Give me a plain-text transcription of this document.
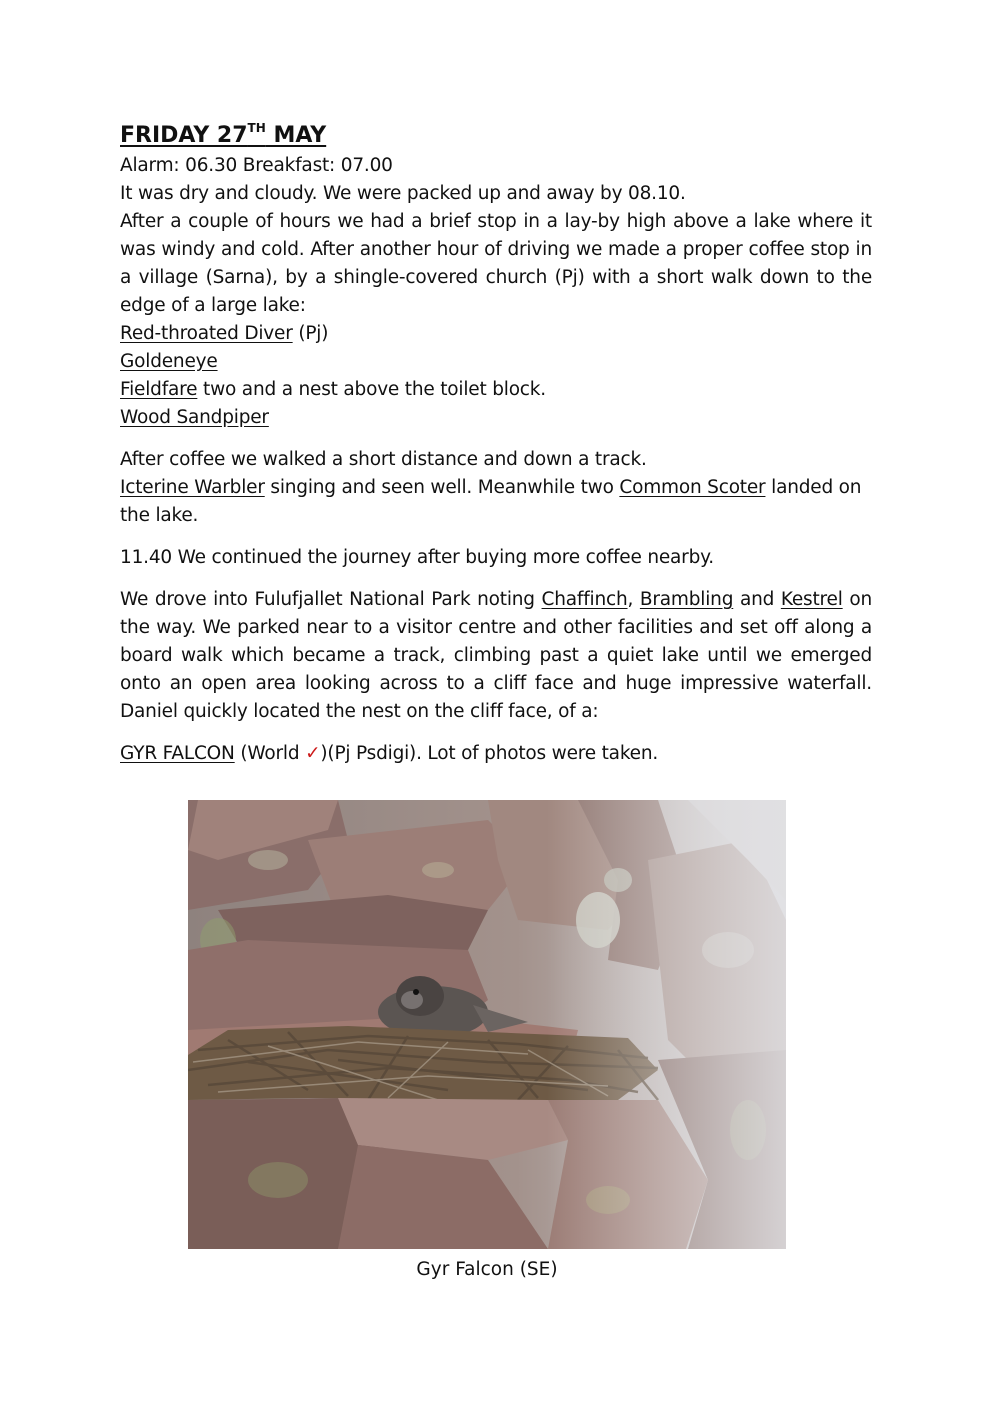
FRIDAY 27TH MAY

Alarm: 06.30 Breakfast: 07.00

It was dry and cloudy. We were packed up and away by 08.10.

After a couple of hours we had a brief stop in a lay-by high above a lake where it was windy and cold. After another hour of driving we made a proper coffee stop in a village (Sarna), by a shingle-covered church (Pj) with a short walk down to the edge of a large lake:

Red-throated Diver (Pj)

Goldeneye

Fieldfare two and a nest above the toilet block.

Wood Sandpiper

After coffee we walked a short distance and down a track.

Icterine Warbler singing and seen well. Meanwhile two Common Scoter landed on the lake.

11.40 We continued the journey after buying more coffee nearby.

We drove into Fulufjallet National Park noting Chaffinch, Brambling and Kestrel on the way. We parked near to a visitor centre and other facilities and set off along a board walk which became a track, climbing past a quiet lake until we emerged onto an open area looking across to a cliff face and huge impressive waterfall. Daniel quickly located the nest on the cliff face, of a:

GYR FALCON (World ✓)(Pj Psdigi). Lot of photos were taken.

Gyr Falcon (SE)
